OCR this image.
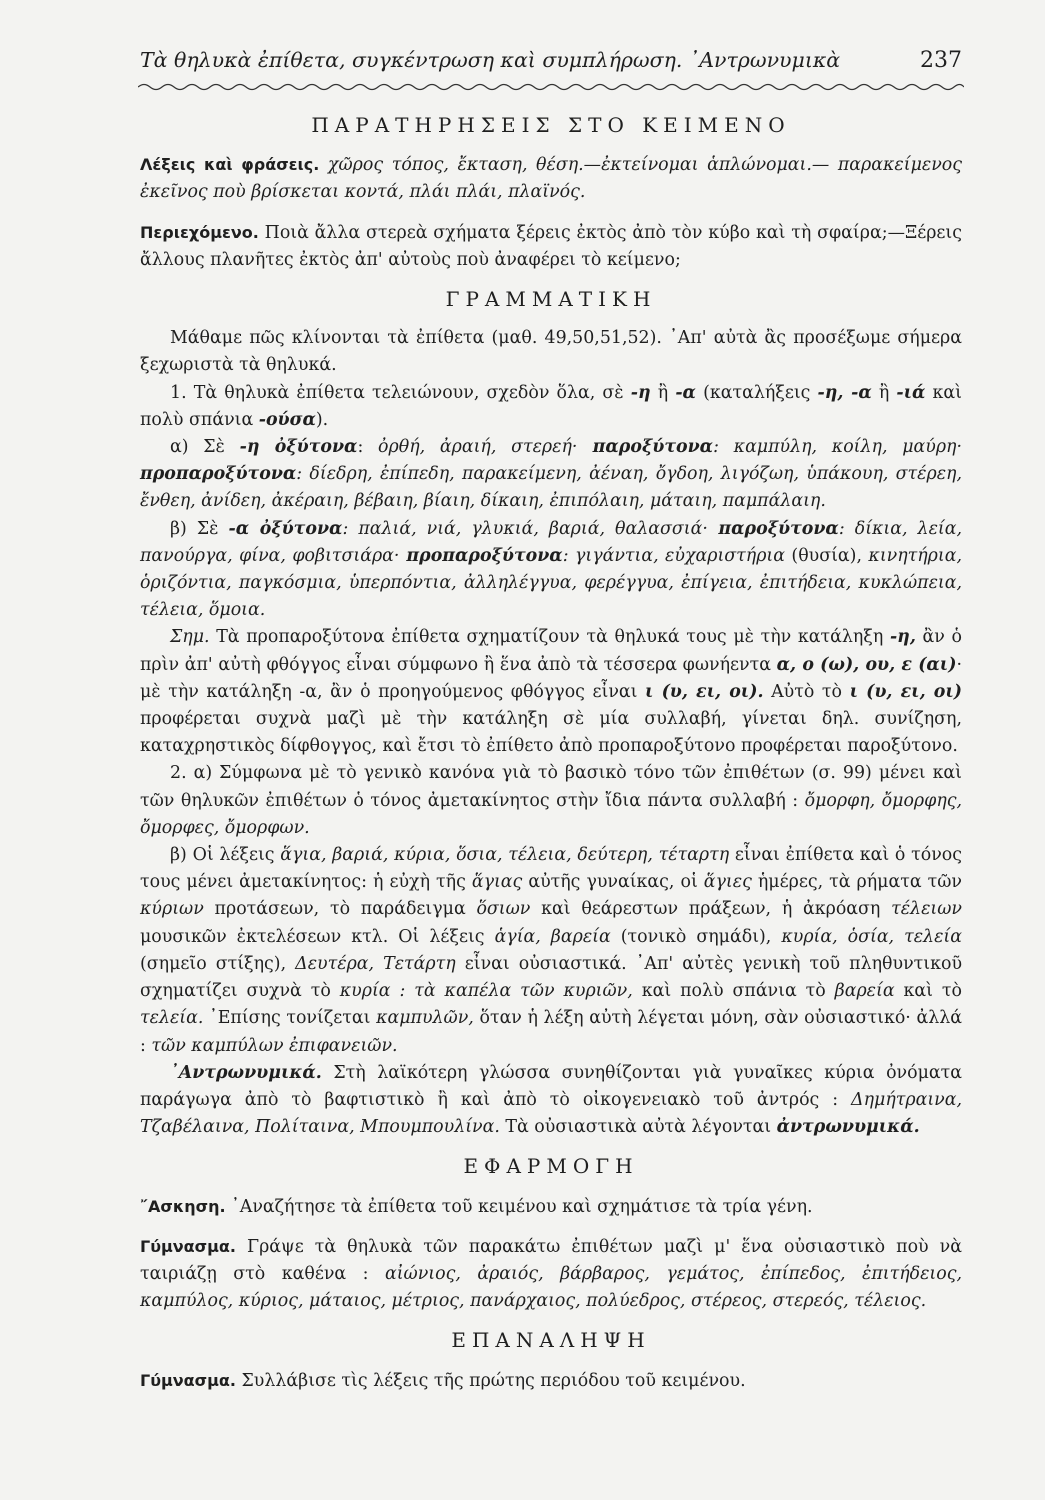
Τὰ θηλυκὰ ἐπίθετα, συγκέντρωση καὶ συμπλήρωση. ᾿Αντρωνυμικὰ	237
ΠΑΡΑΤΗΡΗΣΕΙΣ ΣΤΟ ΚΕΙΜΕΝΟ

Λέξεις καὶ φράσεις. χῶρος τόπος, ἔκταση, θέση.—ἐκτείνομαι ἁπλώνομαι.— παρακείμενος ἐκεῖνος ποὺ βρίσκεται κοντά, πλάι πλάι, πλαϊνός.

Περιεχόμενο. Ποιὰ ἄλλα στερεὰ σχήματα ξέρεις ἐκτὸς ἀπὸ τὸν κύβο καὶ τὴ σφαίρα;—Ξέρεις ἄλλους πλανῆτες ἐκτὸς ἀπ' αὐτοὺς ποὺ ἀναφέρει τὸ κείμενο;

ΓΡΑΜΜΑΤΙΚΗ

Μάθαμε πῶς κλίνονται τὰ ἐπίθετα (μαθ. 49,50,51,52). ᾿Απ' αὐτὰ ἂς προσέξωμε σήμερα ξεχωριστὰ τὰ θηλυκά.

1. Τὰ θηλυκὰ ἐπίθετα τελειώνουν, σχεδὸν ὅλα, σὲ -η ἢ -α (καταλήξεις -η, -α ἢ -ιά καὶ πολὺ σπάνια -ούσα).

α) Σὲ -η ὀξύτονα: ὀρθή, ἀραιή, στερεή· παροξύτονα: καμπύλη, κοίλη, μαύρη· προπαροξύτονα: δίεδρη, ἐπίπεδη, παρακείμενη, ἀέναη, ὄγδοη, λιγόζωη, ὑπάκουη, στέρεη, ἔνθεη, ἀνίδεη, ἀκέραιη, βέβαιη, βίαιη, δίκαιη, ἐπιπόλαιη, μάταιη, παμπάλαιη.

β) Σὲ -α ὀξύτονα: παλιά, νιά, γλυκιά, βαριά, θαλασσιά· παροξύτονα: δίκια, λεία, πανούργα, φίνα, φοβιτσιάρα· προπαροξύτονα: γιγάντια, εὐχαριστήρια (θυσία), κινητήρια, ὁριζόντια, παγκόσμια, ὑπερπόντια, ἀλληλέγγυα, φερέγγυα, ἐπίγεια, ἐπιτήδεια, κυκλώπεια, τέλεια, ὅμοια.

Σημ. Τὰ προπαροξύτονα ἐπίθετα σχηματίζουν τὰ θηλυκά τους μὲ τὴν κατάληξη -η, ἂν ὁ πρὶν ἀπ' αὐτὴ φθόγγος εἶναι σύμφωνο ἢ ἕνα ἀπὸ τὰ τέσσερα φωνήεντα α, ο (ω), ου, ε (αι)· μὲ τὴν κατάληξη -α, ἂν ὁ προηγούμενος φθόγγος εἶναι ι (υ, ει, οι). Αὐτὸ τὸ ι (υ, ει, οι) προφέρεται συχνὰ μαζὶ μὲ τὴν κατάληξη σὲ μία συλλαβή, γίνεται δηλ. συνίζηση, καταχρηστικὸς δίφθογγος, καὶ ἔτσι τὸ ἐπίθετο ἀπὸ προπαροξύτονο προφέρεται παροξύτονο.

2. α) Σύμφωνα μὲ τὸ γενικὸ κανόνα γιὰ τὸ βασικὸ τόνο τῶν ἐπιθέτων (σ. 99) μένει καὶ τῶν θηλυκῶν ἐπιθέτων ὁ τόνος ἀμετακίνητος στὴν ἴδια πάντα συλλαβή : ὄμορφη, ὄμορφης, ὄμορφες, ὄμορφων.

β) Οἱ λέξεις ἅγια, βαριά, κύρια, ὅσια, τέλεια, δεύτερη, τέταρτη εἶναι ἐπίθετα καὶ ὁ τόνος τους μένει ἀμετακίνητος: ἡ εὐχὴ τῆς ἅγιας αὐτῆς γυναίκας, οἱ ἅγιες ἡμέρες, τὰ ρήματα τῶν κύριων προτάσεων, τὸ παράδειγμα ὅσιων καὶ θεάρεστων πράξεων, ἡ ἀκρόαση τέλειων μουσικῶν ἐκτελέσεων κτλ. Οἱ λέξεις ἁγία, βαρεία (τονικὸ σημάδι), κυρία, ὁσία, τελεία (σημεῖο στίξης), Δευτέρα, Τετάρτη εἶναι οὐσιαστικά. ᾿Απ' αὐτὲς γενικὴ τοῦ πληθυντικοῦ σχηματίζει συχνὰ τὸ κυρία : τὰ καπέλα τῶν κυριῶν, καὶ πολὺ σπάνια τὸ βαρεία καὶ τὸ τελεία. ᾿Επίσης τονίζεται καμπυλῶν, ὅταν ἡ λέξη αὐτὴ λέγεται μόνη, σὰν οὐσιαστικό· ἀλλά : τῶν καμπύλων ἐπιφανειῶν.

᾿Αντρωνυμικά. Στὴ λαϊκότερη γλώσσα συνηθίζονται γιὰ γυναῖκες κύρια ὀνόματα παράγωγα ἀπὸ τὸ βαφτιστικὸ ἢ καὶ ἀπὸ τὸ οἰκογενειακὸ τοῦ ἀντρός : Δημήτραινα, Τζαβέλαινα, Πολίταινα, Μπουμπουλίνα. Τὰ οὐσιαστικὰ αὐτὰ λέγονται ἀντρωνυμικά.

ΕΦΑΡΜΟΓΗ

῎Ασκηση. ᾿Αναζήτησε τὰ ἐπίθετα τοῦ κειμένου καὶ σχημάτισε τὰ τρία γένη.

Γύμνασμα. Γράψε τὰ θηλυκὰ τῶν παρακάτω ἐπιθέτων μαζὶ μ' ἕνα οὐσιαστικὸ ποὺ νὰ ταιριάζῃ στὸ καθένα : αἰώνιος, ἀραιός, βάρβαρος, γεμάτος, ἐπίπεδος, ἐπιτήδειος, καμπύλος, κύριος, μάταιος, μέτριος, πανάρχαιος, πολύεδρος, στέρεος, στερεός, τέλειος.

ΕΠΑΝΑΛΗΨΗ

Γύμνασμα. Συλλάβισε τὶς λέξεις τῆς πρώτης περιόδου τοῦ κειμένου.
